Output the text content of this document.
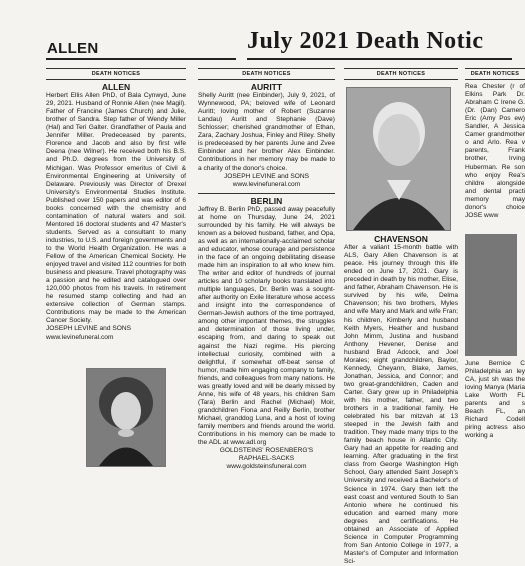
ALLEN	July 2021 Death Notic
DEATH NOTICES
ALLEN

Herbert Ellis Allen PhD, of Bala Cynwyd, June 29, 2021. Husband of Ronnie Allen (nee Magil). Father of Francine (James Church) and Julie, brother of Sandra. Step father of Wendy Miller (Hal) and Teri Galter. Grandfather of Paula and Jennifer Miller. Predeceased by parents, Florence and Jacob and also by first wife Deena (nee Wilner). He received both his B.S. and Ph.D. degrees from the University of Michigan. Was Professor emeritus of Civil & Environmental Engineering at University of Delaware. Previously was Director of Drexel University's Environmental Studies Institute. Published over 150 papers and was editor of 6 books concerned with the chemistry and contamination of natural waters and soil. Mentored 16 doctoral students and 47 Master's students. Served as a consultant to many industries, to U.S. and foreign governments and to the World Health Organization. He was a Fellow of the American Chemical Society. He enjoyed travel and visited 112 countries for both business and pleasure. Travel photography was a passion and he edited and catalogued over 120,000 photos from his travels. In retirement he resumed stamp collecting and had an extensive collection of German stamps. Contributions may be made to the American Cancer Society.

JOSEPH LEVINE and SONS
www.levinefuneral.com
DEATH NOTICES
AURITT

Shelly Auritt (nee Einbinder), July 9, 2021, of Wynnewood, PA; beloved wife of Leonard Auritt; loving mother of Robert (Suzanne Landau) Auritt and Stephanie (Dave) Schlosser; cherished grandmother of Ethan, Zara, Zachary Joshua, Finley and Riley. Shelly is predeceased by her parents June and Zvee Einbinder and her brother Alex Einbinder. Contributions in her memory may be made to a charity of the donor's choice.

JOSEPH LEVINE and SONS
www.levinefuneral.com
BERLIN

Jeffrey B. Berlin PhD, passed away peacefully at home on Thursday, June 24, 2021 surrounded by his family. He will always be known as a beloved husband, father, and Opa, as well as an internationally-acclaimed scholar and educator, whose courage and persistence in the face of an ongoing debilitating disease made him an inspiration to all who knew him. The writer and editor of hundreds of journal articles and 10 scholarly books translated into multiple languages, Dr. Berlin was a sought-after authority on Exile literature whose access and insight into the correspondence of German-Jewish authors of the time portrayed, among other important themes, the struggles and determination of those living under, escaping from, and daring to speak out against the Nazi regime. His piercing intellectual curiosity, combined with a delightful, if somewhat off-beat sense of humor, made him engaging company to family, friends, and colleagues from many nations. He was greatly loved and will be dearly missed by Anne, his wife of 48 years, his children Sam (Tara) Berlin and Rachel (Michael) Moir, grandchildren Fiona and Reilly Berlin, brother Michael, granddog Luna, and a host of loving family members and friends around the world. Contributions in his memory can be made to the ADL at www.adl.org

GOLDSTEINS' ROSENBERG'S
RAPHAEL-SACKS
www.goldsteinsfuneral.com
DEATH NOTICES
CHAVENSON

After a valiant 15-month battle with ALS, Gary Allen Chavenson is at peace. His journey through this life ended on June 17, 2021. Gary is preceded in death by his mother, Elise, and father, Abraham Chavenson. He is survived by his wife, Delma Chavenson; his two brothers, Myles and wife Mary and Mark and wife Fran; his children, Kimberly and husband Keith Myers, Heather and husband John Mimm, Justina and husband Anthony Hevener, Denise and husband Brad Adcock, and Joel Morales; eight grandchildren, Baylor, Kennedy, Cheyann, Blake, James, Jonathan, Jessica, and Connor; and two great-grandchildren, Caden and Carter. Gary grew up in Philadelphia with his mother, father, and two brothers in a traditional family. He celebrated his bar mitzvah at 13 steeped in the Jewish faith and tradition. They made many trips to the family beach house in Atlantic City. Gary had an appetite for reading and learning. After graduating in the first class from George Washington High School, Gary attended Saint Joseph's University and received a Bachelor's of Science in 1974. Gary then left the east coast and ventured South to San Antonio where he continued his education and earned many more degrees and certifications. He obtained an Associate of Applied Science in Computer Programming from San Antonio College in 1977, a Master's of Computer and Information Sci-

DEATH NOTICES

Rea Chester (r of Elkins Park Dr. Abraham C Irene G. (Dr. (Dan) Camero Eric (Amy Pos ew) Sandler, A Jessica Camer grandmother o and Arlo. Rea v parents, Frank brother, Irving Huberman. Re son who enjoy Rea's childre alongside and dental practi memory may donor's choice JOSE www

June Bernice C Philadelphia an ley CA, just sh was the loving Manya (Maria Lake Worth FL parents and s Beach FL, an Richard Codell piring actress also working a
